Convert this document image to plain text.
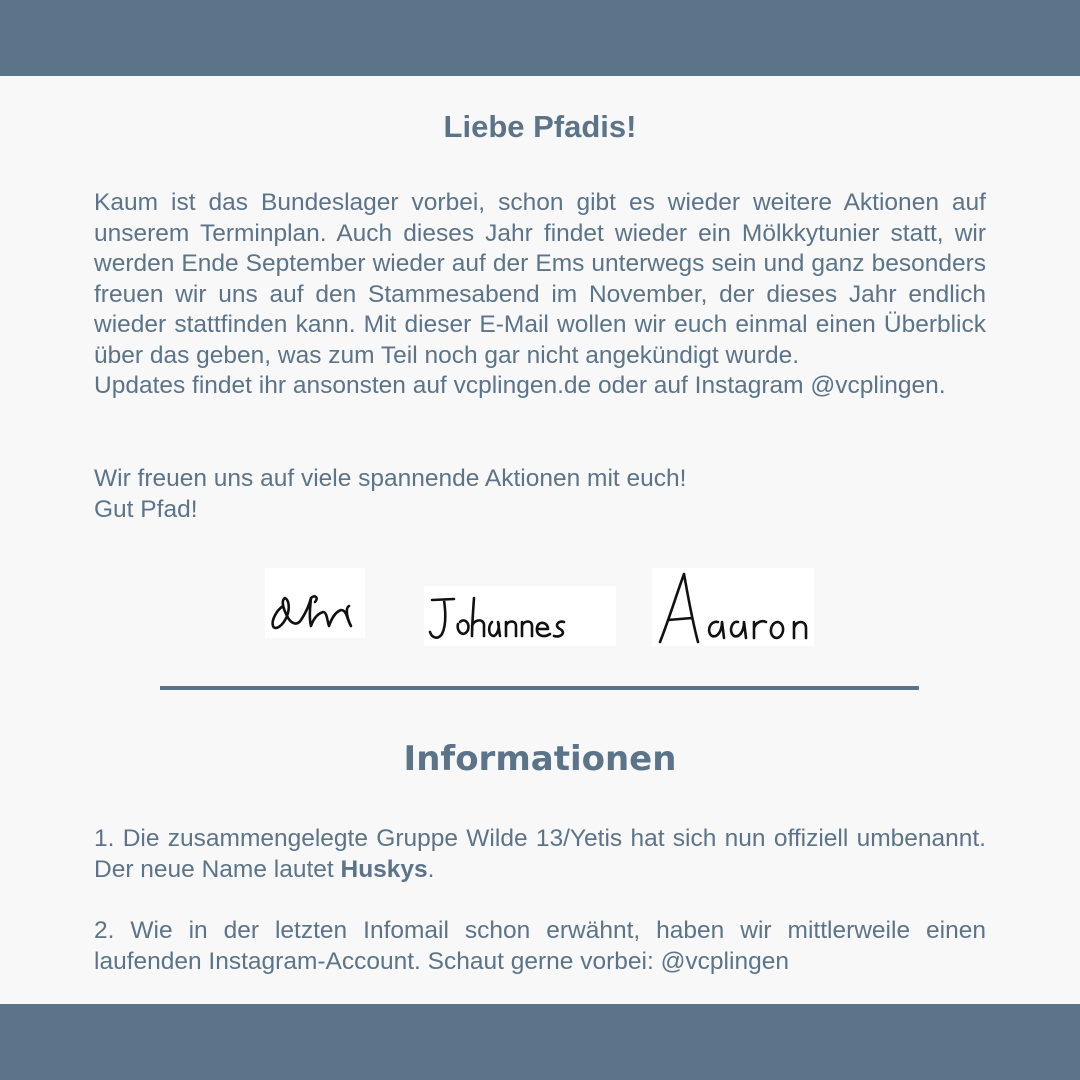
Liebe Pfadis!
Kaum ist das Bundeslager vorbei, schon gibt es wieder weitere Aktionen auf unserem Terminplan. Auch dieses Jahr findet wieder ein Mölkkytunier statt, wir werden Ende September wieder auf der Ems unterwegs sein und ganz besonders freuen wir uns auf den Stammesabend im November, der dieses Jahr endlich wieder stattfinden kann. Mit dieser E-Mail wollen wir euch einmal einen Überblick über das geben, was zum Teil noch gar nicht angekündigt wurde.
Updates findet ihr ansonsten auf vcplingen.de oder auf Instagram @vcplingen.
Wir freuen uns auf viele spannende Aktionen mit euch!
Gut Pfad!
Informationen
1. Die zusammengelegte Gruppe Wilde 13/Yetis hat sich nun offiziell umbenannt. Der neue Name lautet Huskys.
2. Wie in der letzten Infomail schon erwähnt, haben wir mittlerweile einen laufenden Instagram-Account. Schaut gerne vorbei: @vcplingen
